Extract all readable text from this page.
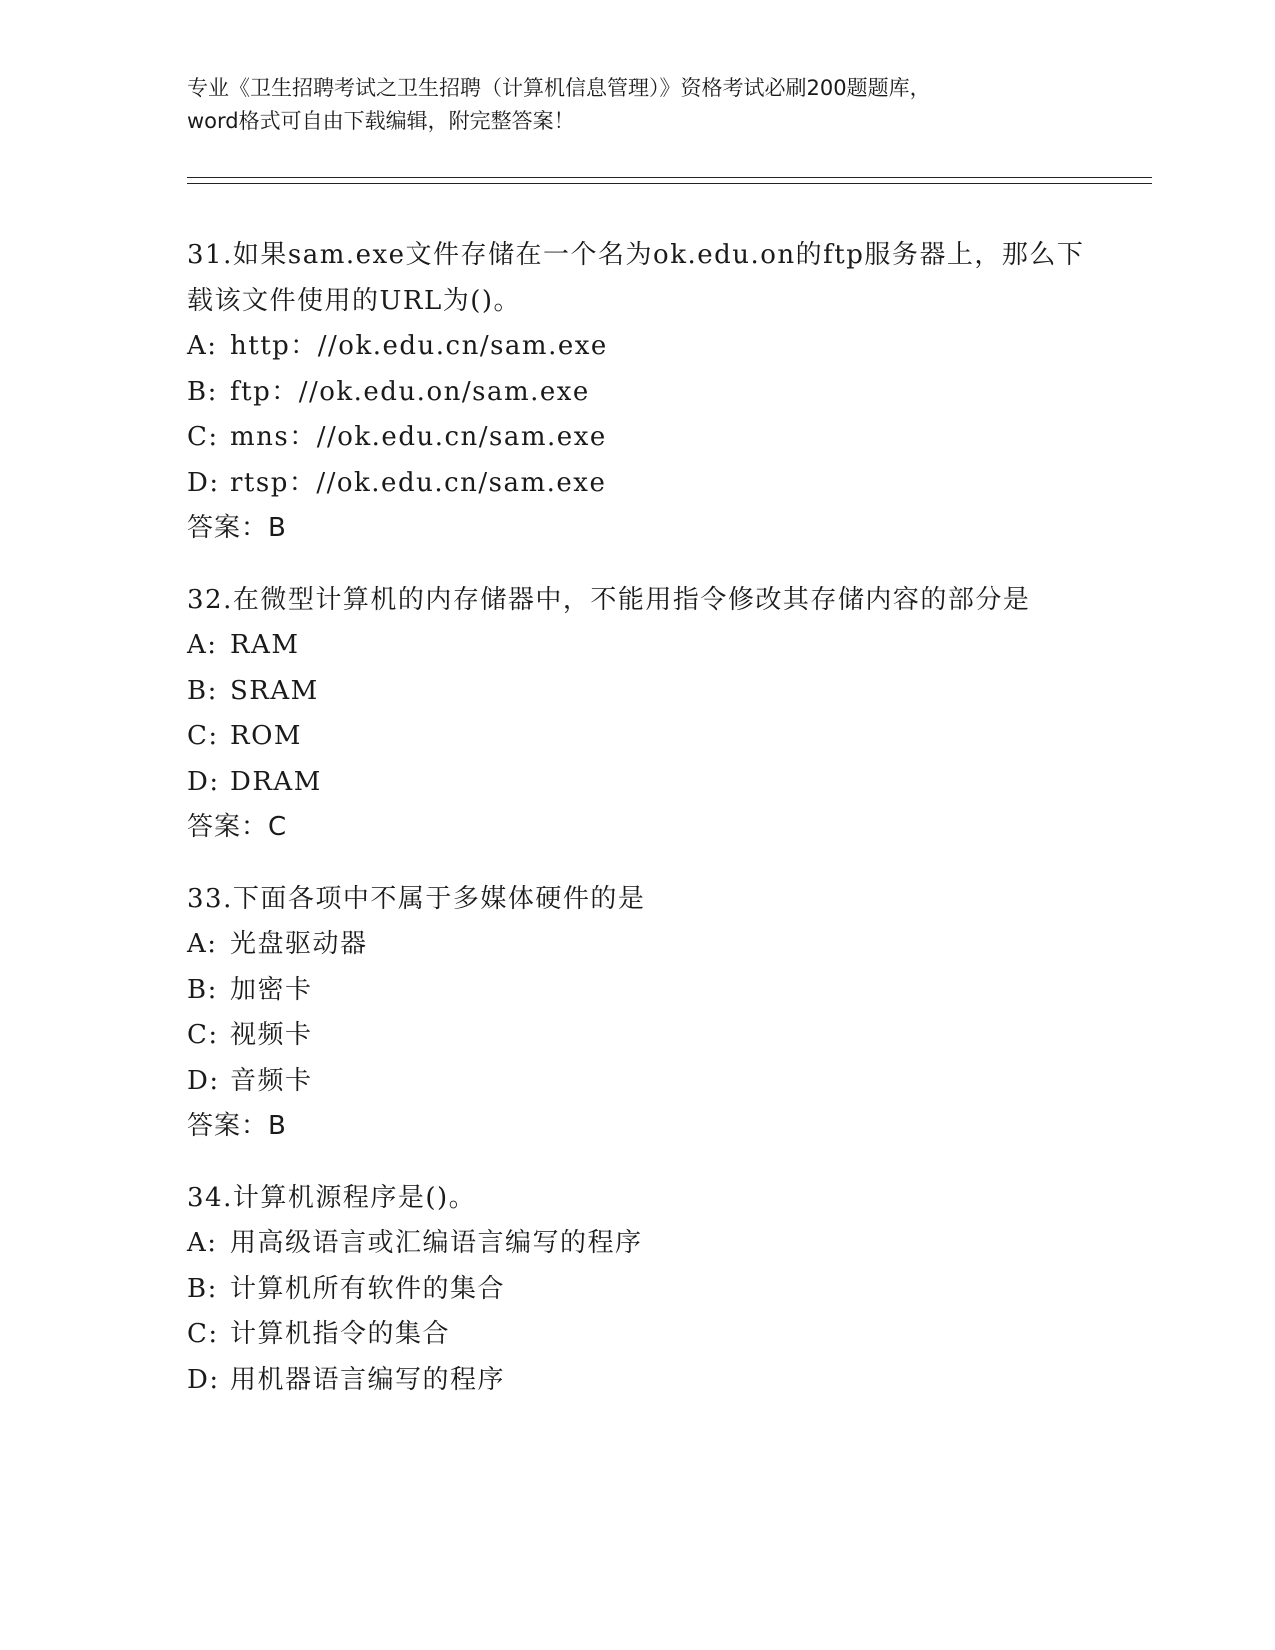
专业《卫生招聘考试之卫生招聘（计算机信息管理）》资格考试必刷200题题库，
word格式可自由下载编辑，附完整答案！

31.如果sam.exe文件存储在一个名为ok.edu.on的ftp服务器上，那么下载该文件使用的URL为()。

A: http：//ok.edu.cn/sam.exe

B: ftp：//ok.edu.on/sam.exe

C: mns：//ok.edu.cn/sam.exe

D: rtsp：//ok.edu.cn/sam.exe

答案：B

32.在微型计算机的内存储器中，不能用指令修改其存储内容的部分是

A: RAM

B: SRAM

C: ROM

D: DRAM

答案：C

33.下面各项中不属于多媒体硬件的是

A: 光盘驱动器

B: 加密卡

C: 视频卡

D: 音频卡

答案：B

34.计算机源程序是()。

A: 用高级语言或汇编语言编写的程序

B: 计算机所有软件的集合

C: 计算机指令的集合

D: 用机器语言编写的程序
